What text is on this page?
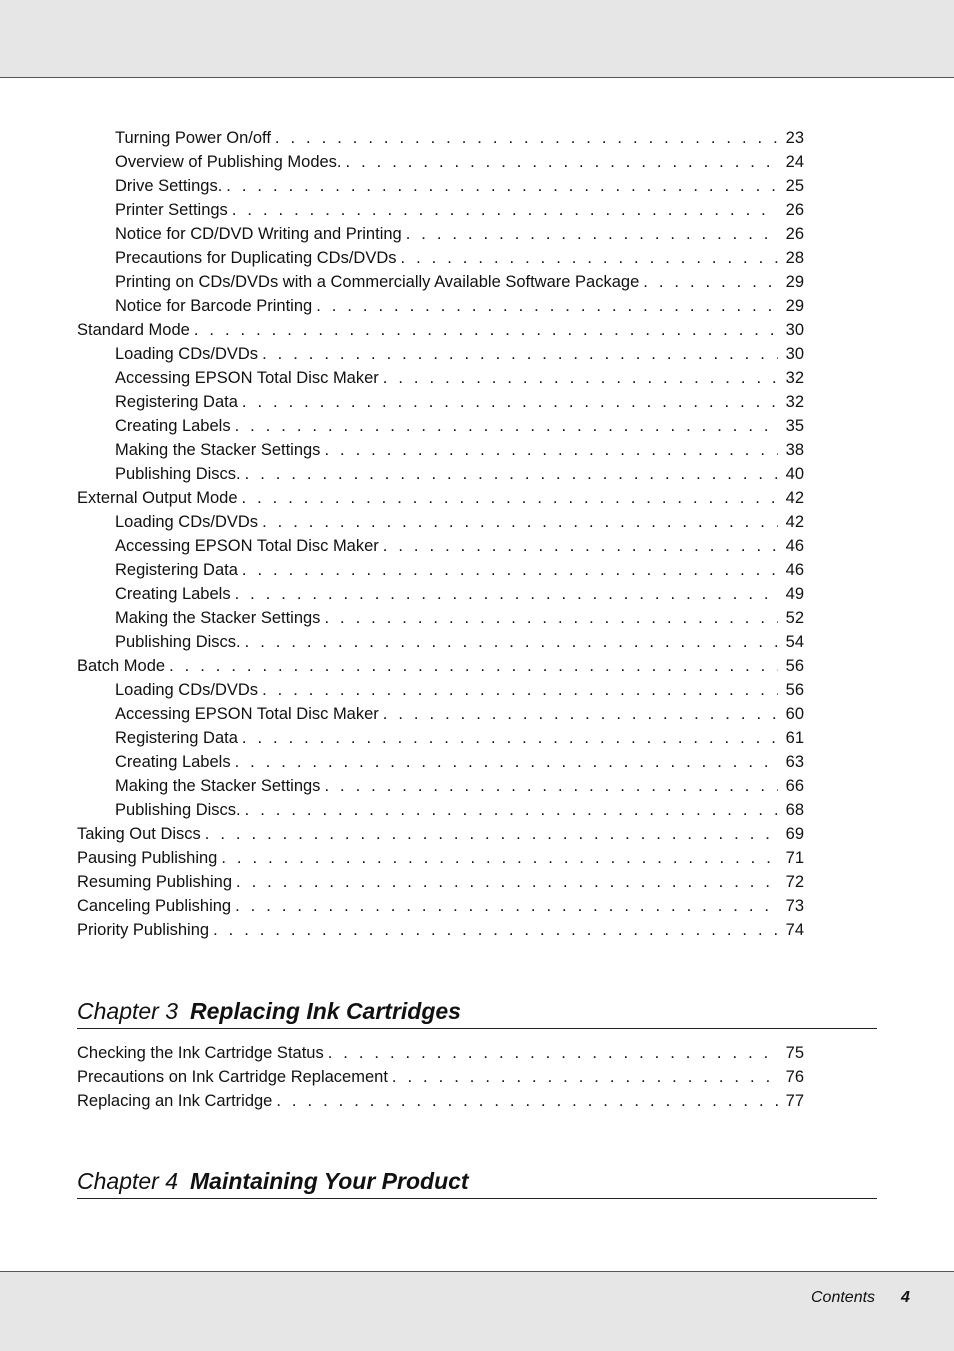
Turning Power On/off . . .	23
Overview of Publishing Modes. . . .	24
Drive Settings. . . .	25
Printer Settings . . .	26
Notice for CD/DVD Writing and Printing . . .	26
Precautions for Duplicating CDs/DVDs . . .	28
Printing on CDs/DVDs with a Commercially Available Software Package . . .	29
Notice for Barcode Printing . . .	29
Standard Mode . . .	30
Loading CDs/DVDs . . .	30
Accessing EPSON Total Disc Maker . . .	32
Registering Data . . .	32
Creating Labels . . .	35
Making the Stacker Settings . . .	38
Publishing Discs. . . .	40
External Output Mode . . .	42
Loading CDs/DVDs . . .	42
Accessing EPSON Total Disc Maker . . .	46
Registering Data . . .	46
Creating Labels . . .	49
Making the Stacker Settings . . .	52
Publishing Discs. . . .	54
Batch Mode . . .	56
Loading CDs/DVDs . . .	56
Accessing EPSON Total Disc Maker . . .	60
Registering Data . . .	61
Creating Labels . . .	63
Making the Stacker Settings . . .	66
Publishing Discs. . . .	68
Taking Out Discs . . .	69
Pausing Publishing . . .	71
Resuming Publishing . . .	72
Canceling Publishing . . .	73
Priority Publishing . . .	74
Chapter 3 Replacing Ink Cartridges
Checking the Ink Cartridge Status . . .	75
Precautions on Ink Cartridge Replacement . . .	76
Replacing an Ink Cartridge . . .	77
Chapter 4 Maintaining Your Product
Contents 4
